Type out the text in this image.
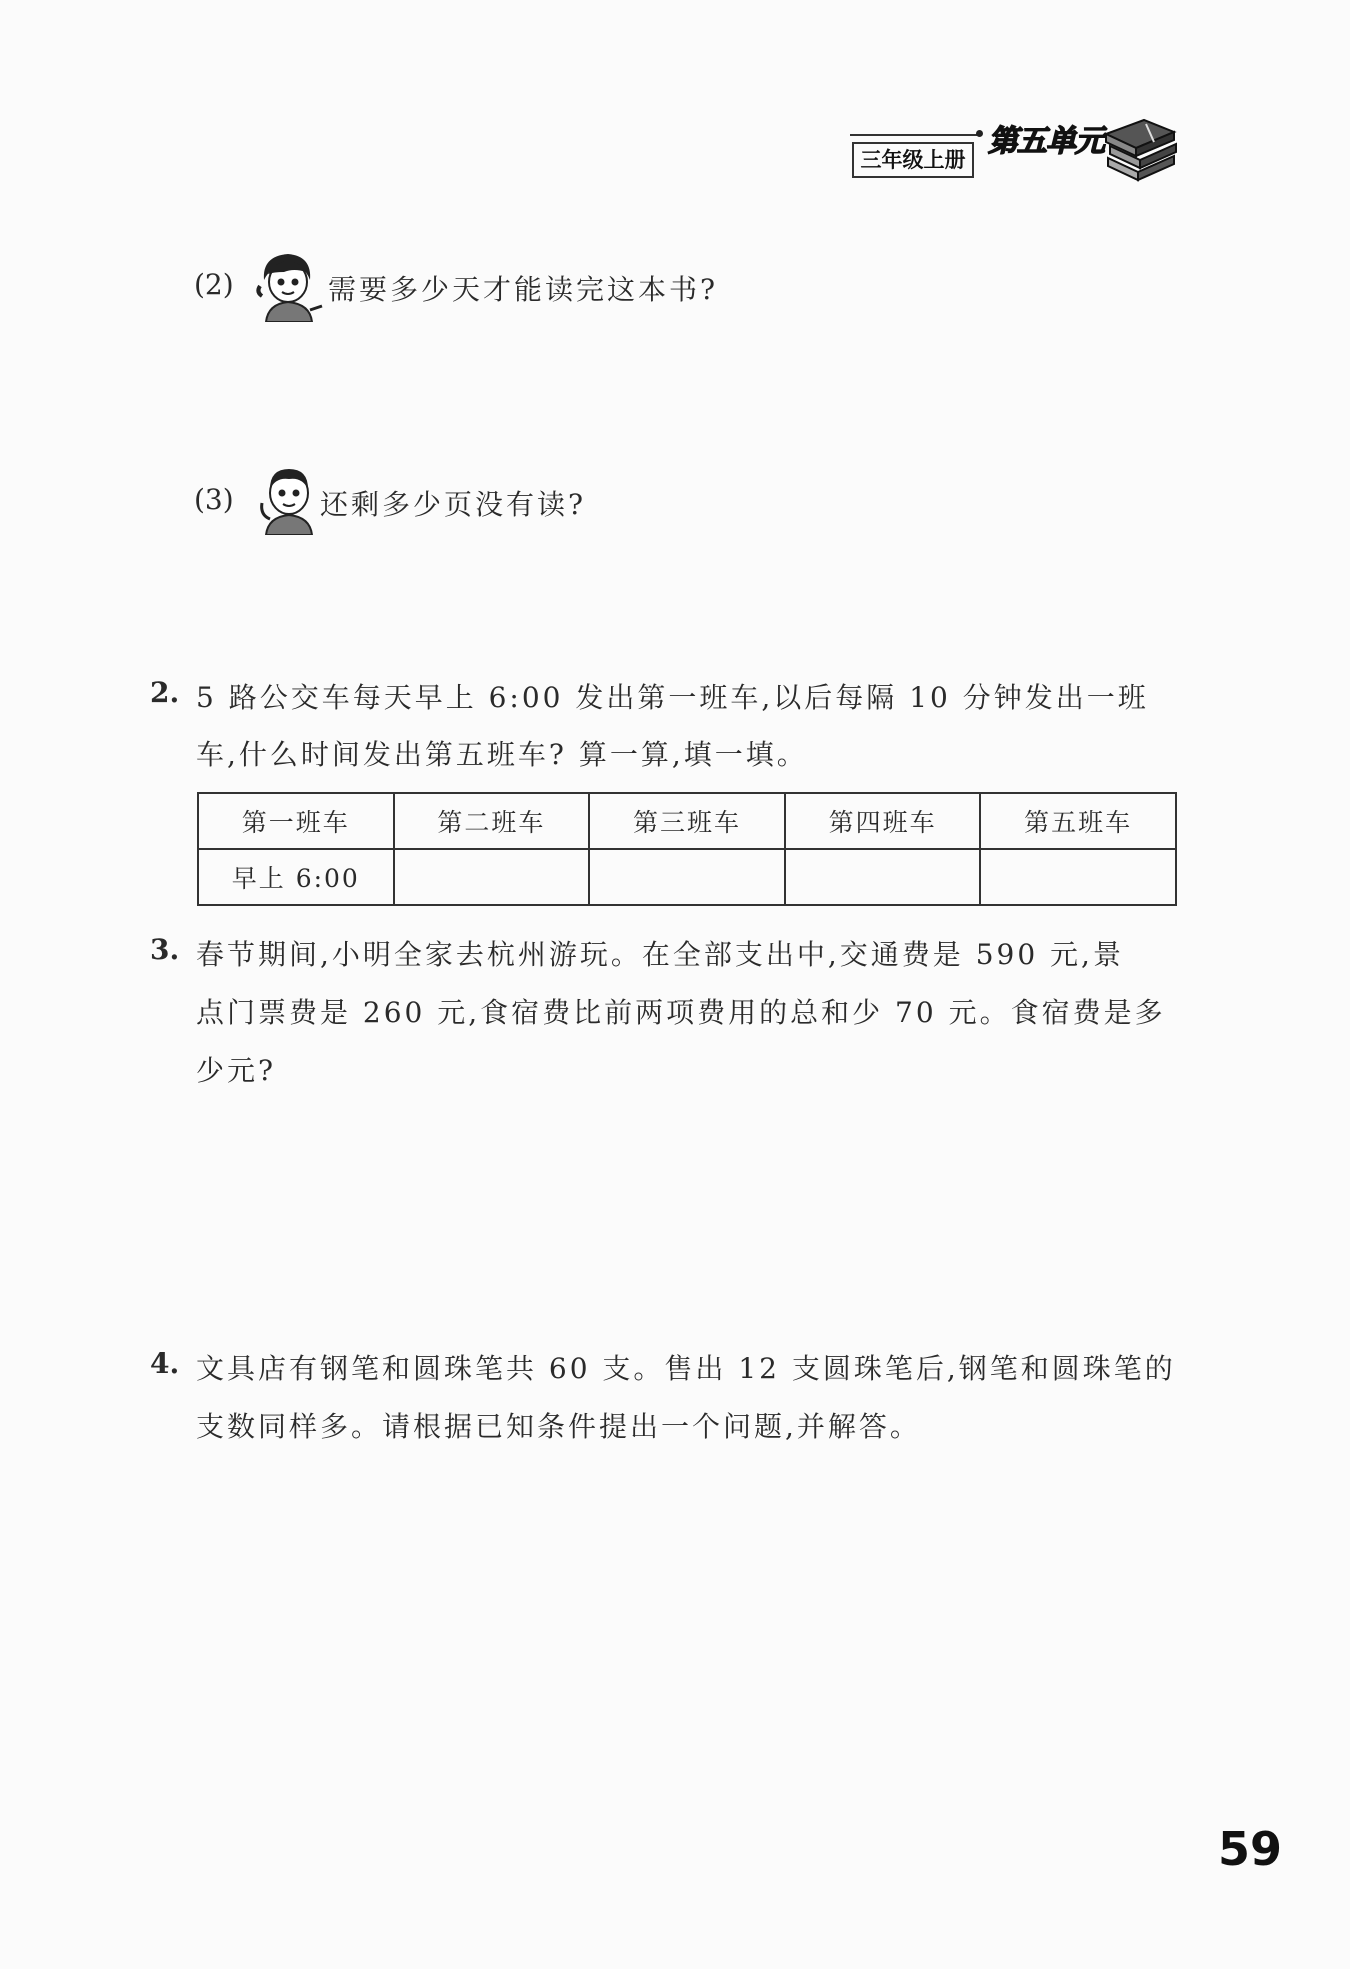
三年级上册
第五单元
(2)	需要多少天才能读完这本书?
(3)	还剩多少页没有读?
2. 5 路公交车每天早上 6:00 发出第一班车,以后每隔 10 分钟发出一班
车,什么时间发出第五班车? 算一算,填一填。
第一班车	第二班车	第三班车	第四班车	第五班车
早上 6:00				
3. 春节期间,小明全家去杭州游玩。在全部支出中,交通费是 590 元,景
点门票费是 260 元,食宿费比前两项费用的总和少 70 元。食宿费是多
少元?
4. 文具店有钢笔和圆珠笔共 60 支。售出 12 支圆珠笔后,钢笔和圆珠笔的
支数同样多。请根据已知条件提出一个问题,并解答。
59
